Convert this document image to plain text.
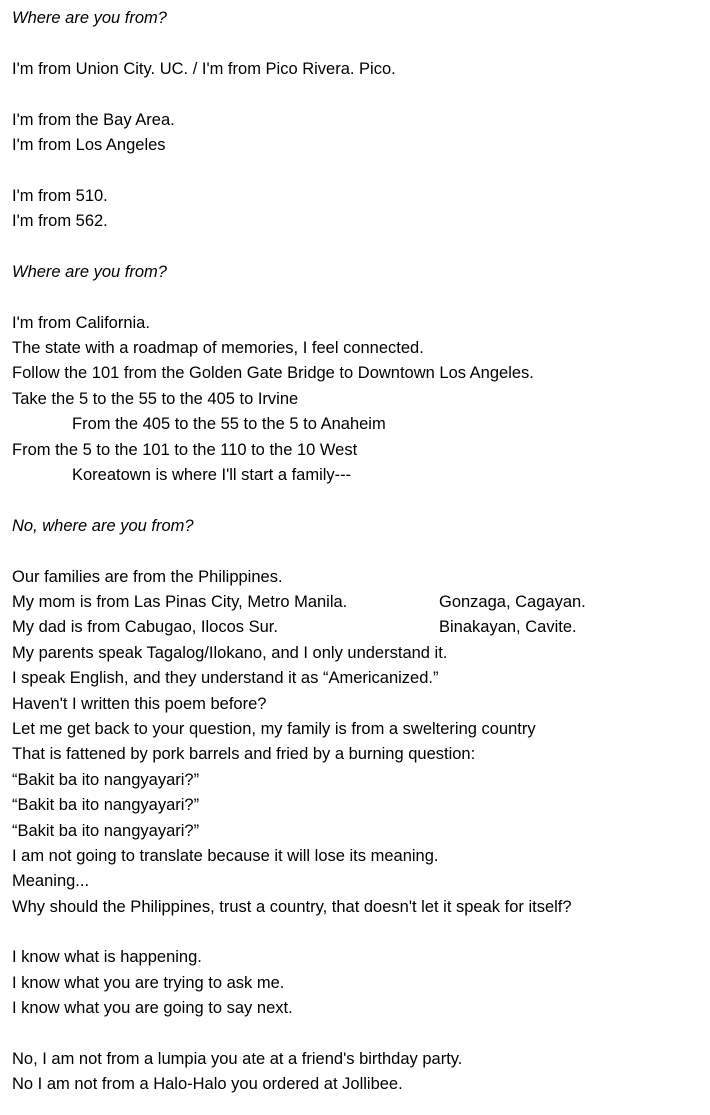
Where are you from?
I'm from Union City. UC. / I'm from Pico Rivera. Pico.
I'm from the Bay Area.
I'm from Los Angeles
I'm from 510.
I'm from 562.
Where are you from?
I'm from California.
The state with a roadmap of memories, I feel connected.
Follow the 101 from the Golden Gate Bridge to Downtown Los Angeles.
Take the 5 to the 55 to the 405 to Irvine
From the 405 to the 55 to the 5 to Anaheim
From the 5 to the 101 to the 110 to the 10 West
Koreatown is where I'll start a family---
No, where are you from?
Our families are from the Philippines.
My mom is from Las Pinas City, Metro Manila.	Gonzaga, Cagayan.
My dad is from Cabugao, Ilocos Sur.	Binakayan, Cavite.
My parents speak Tagalog/Ilokano, and I only understand it.
I speak English, and they understand it as “Americanized.”
Haven't I written this poem before?
Let me get back to your question, my family is from a sweltering country
That is fattened by pork barrels and fried by a burning question:
“Bakit ba ito nangyayari?”
“Bakit ba ito nangyayari?”
“Bakit ba ito nangyayari?”
I am not going to translate because it will lose its meaning.
Meaning...
Why should the Philippines, trust a country, that doesn't let it speak for itself?
I know what is happening.
I know what you are trying to ask me.
I know what you are going to say next.
No, I am not from a lumpia you ate at a friend's birthday party.
No I am not from a Halo-Halo you ordered at Jollibee.
